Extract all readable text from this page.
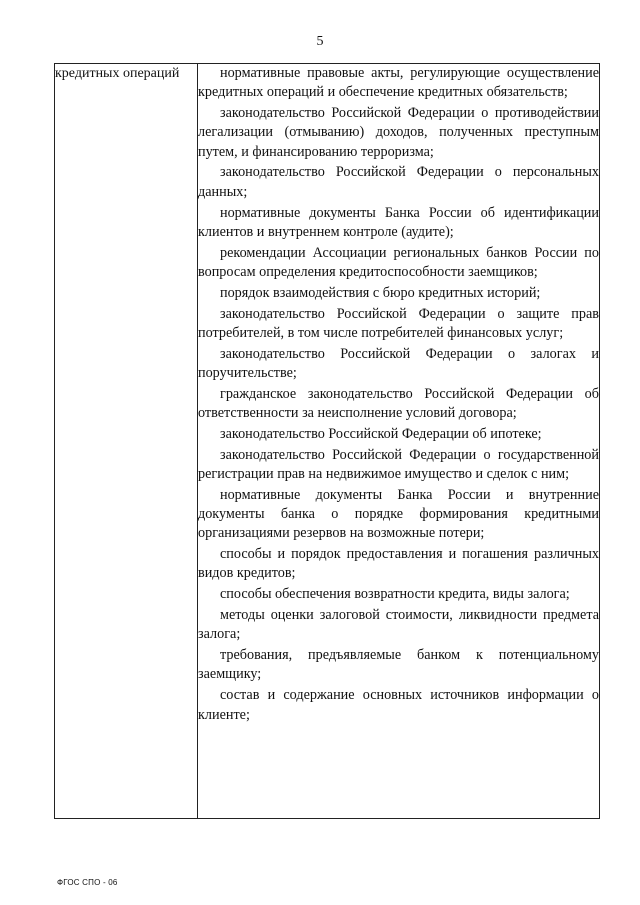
5
кредитных операций	нормативные правовые акты, регулирующие осуществление кредитных операций и обеспечение кредитных обязательств;

законодательство Российской Федерации о противодействии легализации (отмыванию) доходов, полученных преступным путем, и финансированию терроризма;

законодательство Российской Федерации о персональных данных;

нормативные документы Банка России об идентификации клиентов и внутреннем контроле (аудите);

рекомендации Ассоциации региональных банков России по вопросам определения кредитоспособности заемщиков;

порядок взаимодействия с бюро кредитных историй;

законодательство Российской Федерации о защите прав потребителей, в том числе потребителей финансовых услуг;

законодательство Российской Федерации о залогах и поручительстве;

гражданское законодательство Российской Федерации об ответственности за неисполнение условий договора;

законодательство Российской Федерации об ипотеке;

законодательство Российской Федерации о государственной регистрации прав на недвижимое имущество и сделок с ним;

нормативные документы Банка России и внутренние документы банка о порядке формирования кредитными организациями резервов на возможные потери;

способы и порядок предоставления и погашения различных видов кредитов;

способы обеспечения возвратности кредита, виды залога;

методы оценки залоговой стоимости, ликвидности предмета залога;

требования, предъявляемые банком к потенциальному заемщику;

состав и содержание основных источников информации о клиенте;

ФГОС СПО - 06
